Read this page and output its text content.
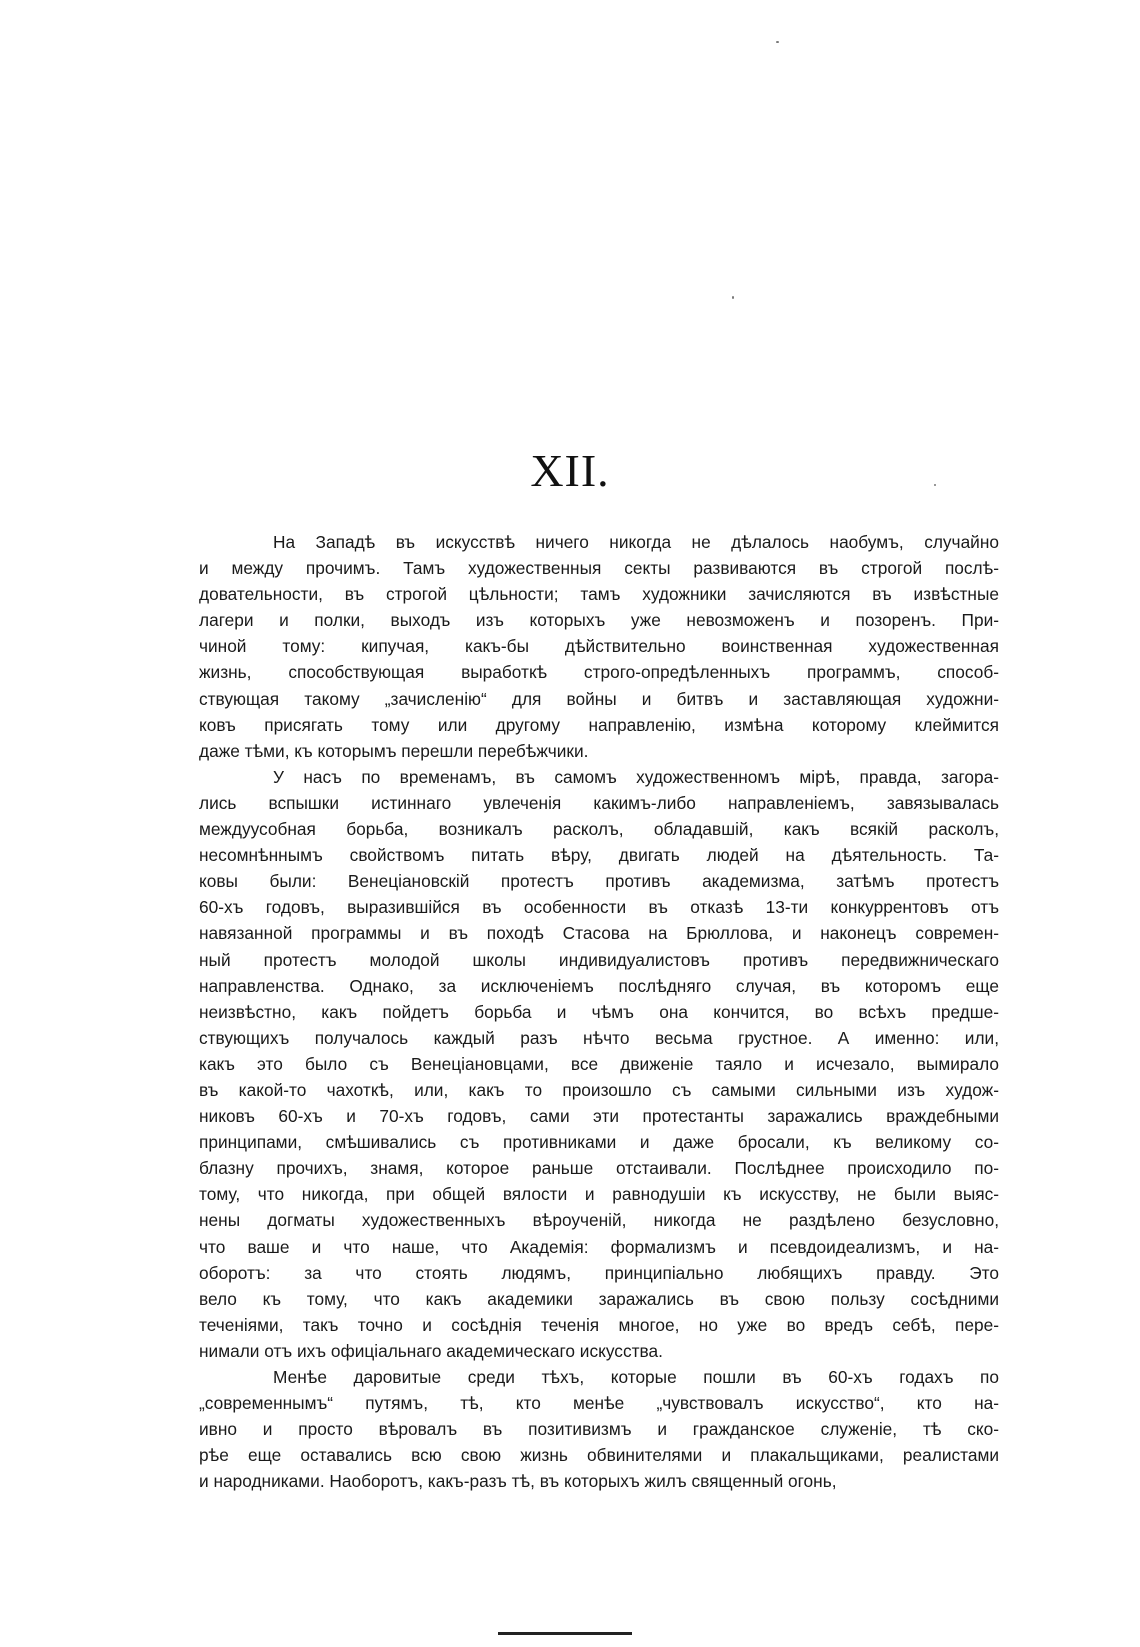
XII.
На Западѣ въ искусствѣ ничего никогда не дѣлалось наобумъ, случайно
и между прочимъ. Тамъ художественныя секты развиваются въ строгой послѣ-
довательности, въ строгой цѣльности; тамъ художники зачисляются въ извѣстные
лагери и полки, выходъ изъ которыхъ уже невозможенъ и позоренъ. При-
чиной тому: кипучая, какъ-бы дѣйствительно воинственная художественная
жизнь, способствующая выработкѣ строго-опредѣленныхъ программъ, способ-
ствующая такому „зачисленію“ для войны и битвъ и заставляющая художни-
ковъ присягать тому или другому направленію, измѣна которому клеймится
даже тѣми, къ которымъ перешли перебѣжчики.
У насъ по временамъ, въ самомъ художественномъ мірѣ, правда, загора-
лись вспышки истиннаго увлеченія какимъ-либо направленіемъ, завязывалась
междуусобная борьба, возникалъ расколъ, обладавшій, какъ всякій расколъ,
несомнѣннымъ свойствомъ питать вѣру, двигать людей на дѣятельность. Та-
ковы были: Венеціановскій протестъ противъ академизма, затѣмъ протестъ
60-хъ годовъ, выразившійся въ особенности въ отказѣ 13-ти конкуррентовъ отъ
навязанной программы и въ походѣ Стасова на Брюллова, и наконецъ современ-
ный протестъ молодой школы индивидуалистовъ противъ передвижническаго
направленства. Однако, за исключеніемъ послѣдняго случая, въ которомъ еще
неизвѣстно, какъ пойдетъ борьба и чѣмъ она кончится, во всѣхъ предше-
ствующихъ получалось каждый разъ нѣчто весьма грустное. А именно: или,
какъ это было съ Венеціановцами, все движеніе таяло и исчезало, вымирало
въ какой-то чахоткѣ, или, какъ то произошло съ самыми сильными изъ худож-
никовъ 60-хъ и 70-хъ годовъ, сами эти протестанты заражались враждебными
принципами, смѣшивались съ противниками и даже бросали, къ великому со-
блазну прочихъ, знамя, которое раньше отстаивали. Послѣднее происходило по-
тому, что никогда, при общей вялости и равнодушіи къ искусству, не были выяс-
нены догматы художественныхъ вѣроученій, никогда не раздѣлено безусловно,
что ваше и что наше, что Академія: формализмъ и псевдоидеализмъ, и на-
оборотъ: за что стоять людямъ, принципіально любящихъ правду. Это
вело къ тому, что какъ академики заражались въ свою пользу сосѣдними
теченіями, такъ точно и сосѣднія теченія многое, но уже во вредъ себѣ, пере-
нимали отъ ихъ офиціальнаго академическаго искусства.
Менѣе даровитые среди тѣхъ, которые пошли въ 60-хъ годахъ по
„современнымъ“ путямъ, тѣ, кто менѣе „чувствовалъ искусство“, кто на-
ивно и просто вѣровалъ въ позитивизмъ и гражданское служеніе, тѣ ско-
рѣе еще оставались всю свою жизнь обвинителями и плакальщиками, реалистами
и народниками. Наоборотъ, какъ-разъ тѣ, въ которыхъ жилъ священный огонь,
